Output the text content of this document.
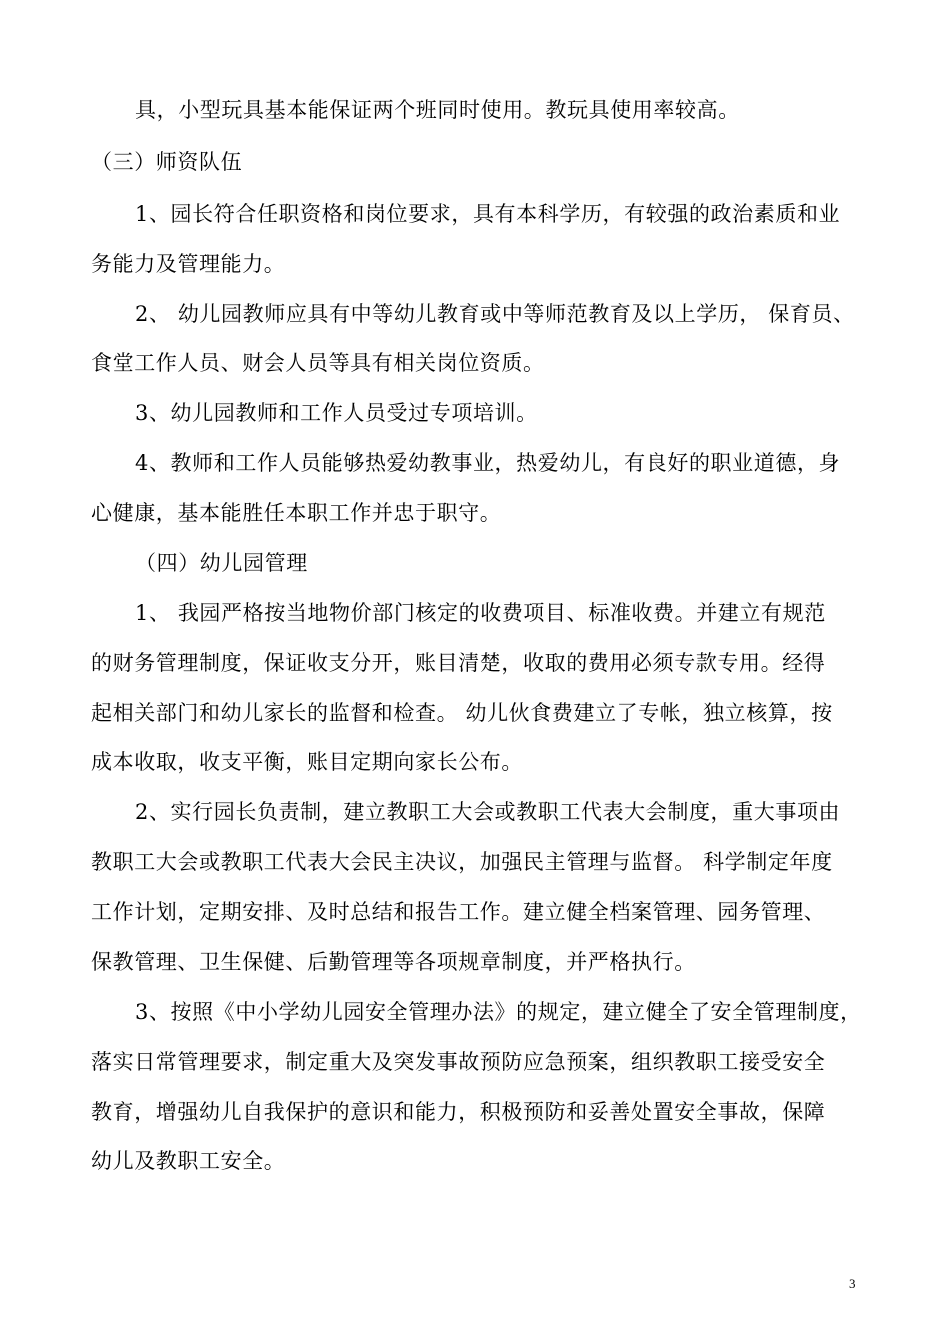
具，小型玩具基本能保证两个班同时使用。教玩具使用率较高。
（三）师资队伍
1、园长符合任职资格和岗位要求，具有本科学历，有较强的政治素质和业
务能力及管理能力。
2、 幼儿园教师应具有中等幼儿教育或中等师范教育及以上学历， 保育员、
食堂工作人员、财会人员等具有相关岗位资质。
3、幼儿园教师和工作人员受过专项培训。
4、教师和工作人员能够热爱幼教事业，热爱幼儿，有良好的职业道德，身
心健康，基本能胜任本职工作并忠于职守。
（四）幼儿园管理
1、 我园严格按当地物价部门核定的收费项目、标准收费。并建立有规范
的财务管理制度，保证收支分开，账目清楚，收取的费用必须专款专用。经得
起相关部门和幼儿家长的监督和检查。 幼儿伙食费建立了专帐，独立核算，按
成本收取，收支平衡，账目定期向家长公布。
2、实行园长负责制，建立教职工大会或教职工代表大会制度，重大事项由
教职工大会或教职工代表大会民主决议，加强民主管理与监督。 科学制定年度
工作计划，定期安排、及时总结和报告工作。建立健全档案管理、园务管理、
保教管理、卫生保健、后勤管理等各项规章制度，并严格执行。
3、按照《中小学幼儿园安全管理办法》的规定，建立健全了安全管理制度，
落实日常管理要求，制定重大及突发事故预防应急预案，组织教职工接受安全
教育，增强幼儿自我保护的意识和能力，积极预防和妥善处置安全事故，保障
幼儿及教职工安全。
3
